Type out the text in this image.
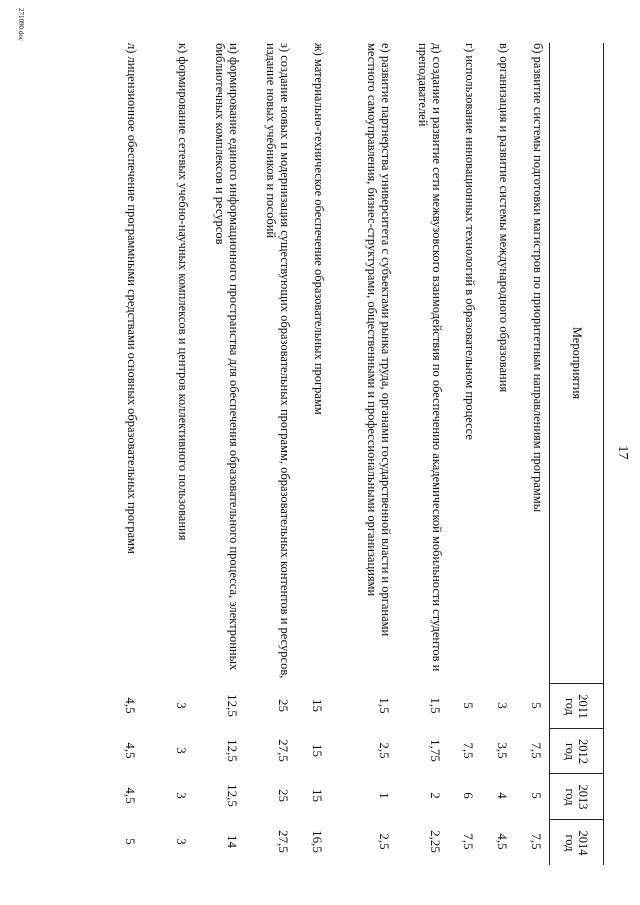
17
Мероприятия
2011
год
2012
год
2013
год
2014
год
б) развитие системы подготовки магистров по приоритетным направлениям программы
5
7,5
5
7,5
в) организация и развитие системы международного образования
3
3,5
4
4,5
г) использование инновационных технологий в образовательном процессе
5
7,5
6
7,5
д) создание и развитие сети межвузовского взаимодействия по обеспечению академической мобильности студентов и преподавателей
1,5
1,75
2
2,25
е) развитие партнерства университета с субъектами рынка труда, органами государственной власти и органами местного самоуправления, бизнес-структурами, общественными и профессиональными организациями
1,5
2,5
1
2,5
ж) материально-техническое обеспечение образовательных программ
15
15
15
16,5
з) создание новых и модернизация существующих образовательных программ, образовательных контентов и ресурсов, издание новых учебников и пособий
25
27,5
25
27,5
и) формирование единого информационного пространства для обеспечения образовательного процесса, электронных библиотечных комплексов и ресурсов
12,5
12,5
12,5
14
к) формирование сетевых учебно-научных комплексов и центров коллективного пользования
3
3
3
3
л) лицензионное обеспечение программными средствами основных образовательных программ
4,5
4,5
4,5
5
271090.doc
